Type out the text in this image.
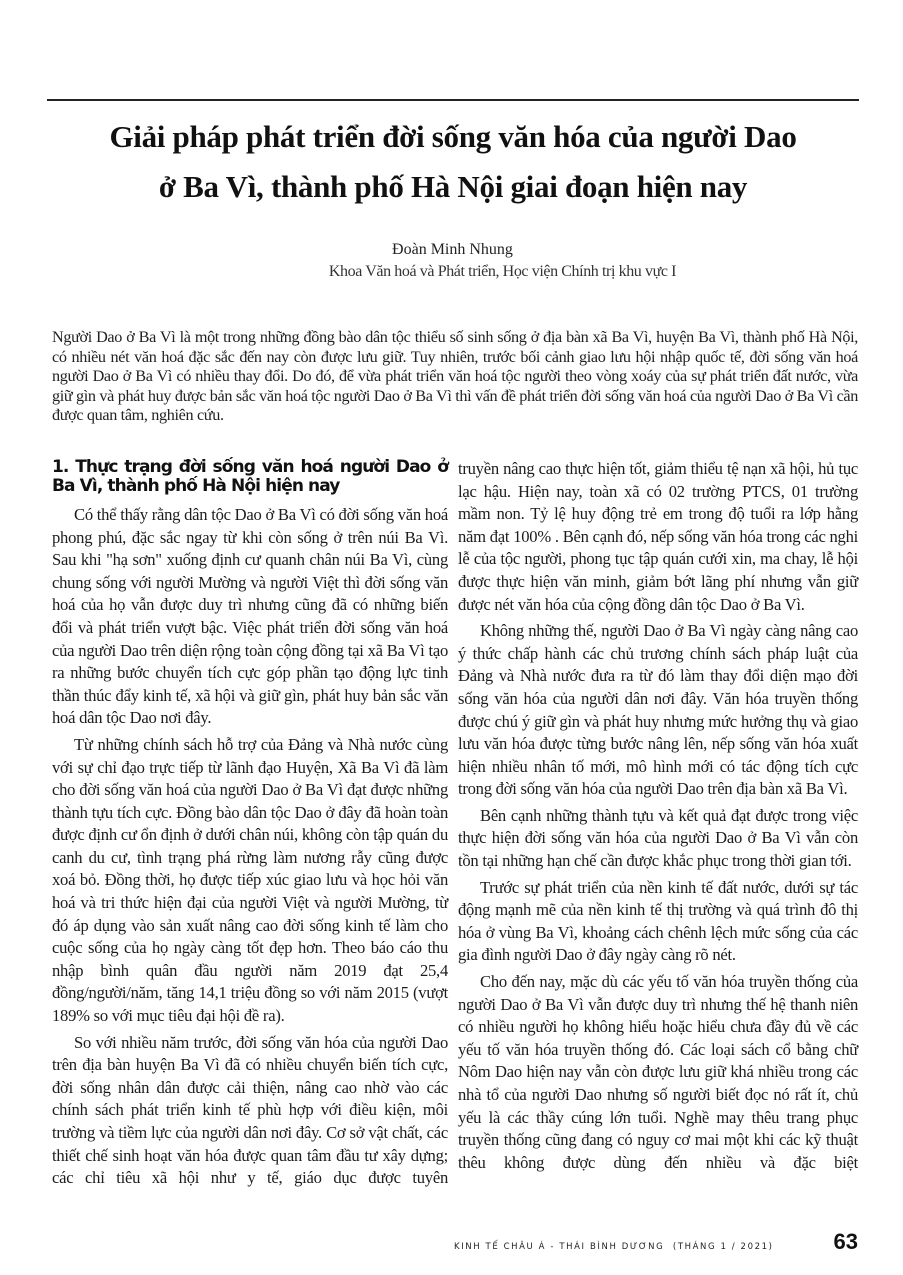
Giải pháp phát triển đời sống văn hóa của người Dao
ở Ba Vì, thành phố Hà Nội giai đoạn hiện nay
Đoàn Minh Nhung
Khoa Văn hoá và Phát triển, Học viện Chính trị khu vực I
Người Dao ở Ba Vì là một trong những đồng bào dân tộc thiểu số sinh sống ở địa bàn xã Ba Vì, huyện Ba Vì, thành phố Hà Nội, có nhiều nét văn hoá đặc sắc đến nay còn được lưu giữ. Tuy nhiên, trước bối cảnh giao lưu hội nhập quốc tế, đời sống văn hoá người Dao ở Ba Vì có nhiều thay đổi. Do đó, để vừa phát triển văn hoá tộc người theo vòng xoáy của sự phát triển đất nước, vừa giữ gìn và phát huy được bản sắc văn hoá tộc người Dao ở Ba Vì thì vấn đề phát triển đời sống văn hoá của người Dao ở Ba Vì cần được quan tâm, nghiên cứu.
1. Thực trạng đời sống văn hoá người Dao ở Ba Vì, thành phố Hà Nội hiện nay

Có thể thấy rằng dân tộc Dao ở Ba Vì có đời sống văn hoá phong phú, đặc sắc ngay từ khi còn sống ở trên núi Ba Vì. Sau khi "hạ sơn" xuống định cư quanh chân núi Ba Vì, cùng chung sống với người Mường và người Việt thì đời sống văn hoá của họ vẫn được duy trì nhưng cũng đã có những biến đổi và phát triển vượt bậc. Việc phát triển đời sống văn hoá của người Dao trên diện rộng toàn cộng đồng tại xã Ba Vì tạo ra những bước chuyển tích cực góp phần tạo động lực tinh thần thúc đẩy kinh tế, xã hội và giữ gìn, phát huy bản sắc văn hoá dân tộc Dao nơi đây.

Từ những chính sách hỗ trợ của Đảng và Nhà nước cùng với sự chỉ đạo trực tiếp từ lãnh đạo Huyện, Xã Ba Vì đã làm cho đời sống văn hoá của người Dao ở Ba Vì đạt được những thành tựu tích cực. Đồng bào dân tộc Dao ở đây đã hoàn toàn được định cư ổn định ở dưới chân núi, không còn tập quán du canh du cư, tình trạng phá rừng làm nương rẫy cũng được xoá bỏ. Đồng thời, họ được tiếp xúc giao lưu và học hỏi văn hoá và tri thức hiện đại của người Việt và người Mường, từ đó áp dụng vào sản xuất nâng cao đời sống kinh tế làm cho cuộc sống của họ ngày càng tốt đẹp hơn. Theo báo cáo thu nhập bình quân đầu người năm 2019 đạt 25,4 đồng/người/năm, tăng 14,1 triệu đồng so với năm 2015 (vượt 189% so với mục tiêu đại hội đề ra).

So với nhiều năm trước, đời sống văn hóa của người Dao trên địa bàn huyện Ba Vì đã có nhiều chuyển biến tích cực, đời sống nhân dân được cải thiện, nâng cao nhờ vào các chính sách phát triển kinh tế phù hợp với điều kiện, môi trường và tiềm lực của người dân nơi đây. Cơ sở vật chất, các thiết chế sinh hoạt văn hóa được quan tâm đầu tư xây dựng; các chỉ tiêu xã hội như y tế, giáo dục được tuyên

truyền nâng cao thực hiện tốt, giảm thiểu tệ nạn xã hội, hủ tục lạc hậu. Hiện nay, toàn xã có 02 trường PTCS, 01 trường mầm non. Tỷ lệ huy động trẻ em trong độ tuổi ra lớp hằng năm đạt 100% . Bên cạnh đó, nếp sống văn hóa trong các nghi lễ của tộc người, phong tục tập quán cưới xin, ma chay, lễ hội được thực hiện văn minh, giảm bớt lãng phí nhưng vẫn giữ được nét văn hóa của cộng đồng dân tộc Dao ở Ba Vì.

Không những thế, người Dao ở Ba Vì ngày càng nâng cao ý thức chấp hành các chủ trương chính sách pháp luật của Đảng và Nhà nước đưa ra từ đó làm thay đổi diện mạo đời sống văn hóa của người dân nơi đây. Văn hóa truyền thống được chú ý giữ gìn và phát huy nhưng mức hưởng thụ và giao lưu văn hóa được từng bước nâng lên, nếp sống văn hóa xuất hiện nhiều nhân tố mới, mô hình mới có tác động tích cực trong đời sống văn hóa của người Dao trên địa bàn xã Ba Vì.

Bên cạnh những thành tựu và kết quả đạt được trong việc thực hiện đời sống văn hóa của người Dao ở Ba Vì vẫn còn tồn tại những hạn chế cần được khắc phục trong thời gian tới.

Trước sự phát triển của nền kinh tế đất nước, dưới sự tác động mạnh mẽ của nền kinh tế thị trường và quá trình đô thị hóa ở vùng Ba Vì, khoảng cách chênh lệch mức sống của các gia đình người Dao ở đây ngày càng rõ nét.

Cho đến nay, mặc dù các yếu tố văn hóa truyền thống của người Dao ở Ba Vì vẫn được duy trì nhưng thế hệ thanh niên có nhiều người họ không hiểu hoặc hiểu chưa đầy đủ về các yếu tố văn hóa truyền thống đó. Các loại sách cổ bằng chữ Nôm Dao hiện nay vẫn còn được lưu giữ khá nhiều trong các nhà tổ của người Dao nhưng số người biết đọc nó rất ít, chủ yếu là các thầy cúng lớn tuổi. Nghề may thêu trang phục truyền thống cũng đang có nguy cơ mai một khi các kỹ thuật thêu không được dùng đến nhiều và đặc biệt

KINH TẾ CHÂU Á - THÁI BÌNH DƯƠNG (THÁNG 1 / 2021)	63
